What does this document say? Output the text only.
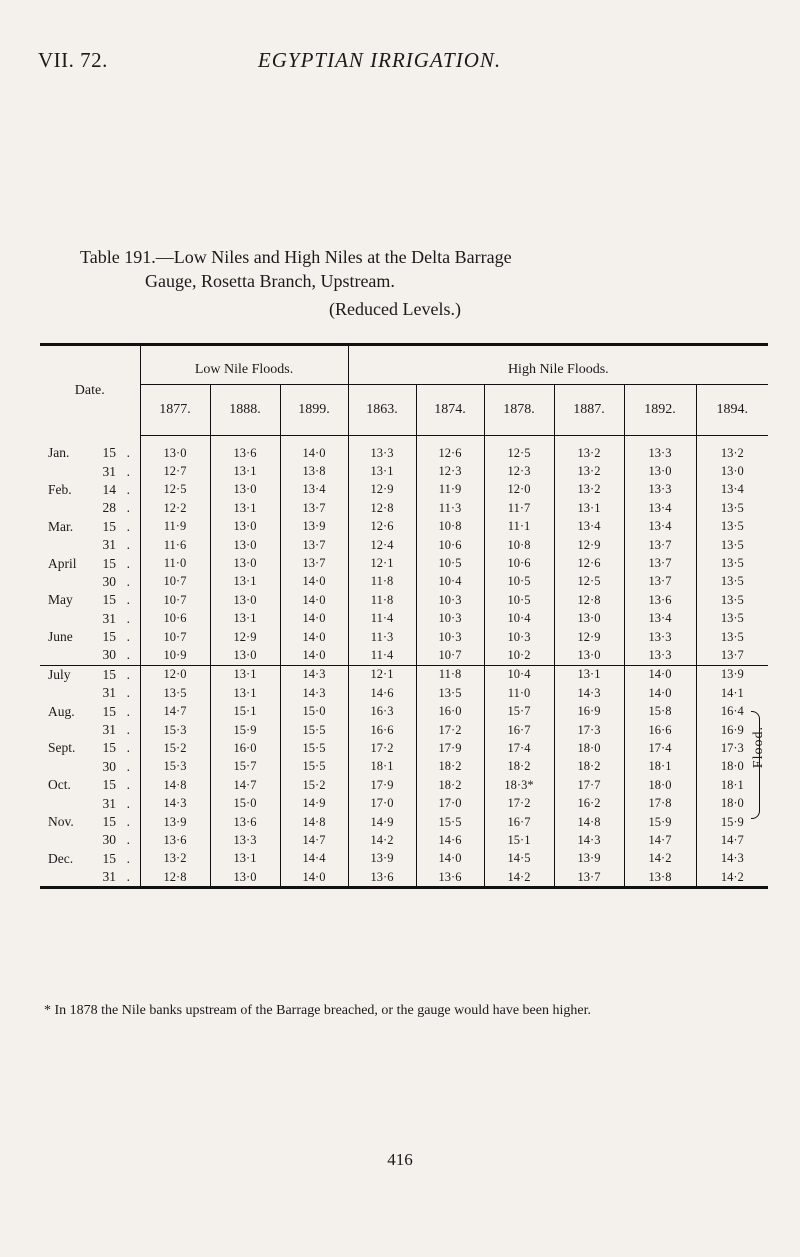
VII. 72.	EGYPTIAN IRRIGATION.
Table 191.—Low Niles and High Niles at the Delta Barrage
Gauge, Rosetta Branch, Upstream.
(Reduced Levels.)
Date.	Low Nile Floods.			High Nile Floods.					
	1877.	1888.	1899.	1863.	1874.	1878.	1887.	1892.	1894.
Jan. 15 .	13·0	13·6	14·0	13·3	12·6	12·5	13·2	13·3	13·2
31 .	12·7	13·1	13·8	13·1	12·3	12·3	13·2	13·0	13·0
Feb. 14 .	12·5	13·0	13·4	12·9	11·9	12·0	13·2	13·3	13·4
28 .	12·2	13·1	13·7	12·8	11·3	11·7	13·1	13·4	13·5
Mar. 15 .	11·9	13·0	13·9	12·6	10·8	11·1	13·4	13·4	13·5
31 .	11·6	13·0	13·7	12·4	10·6	10·8	12·9	13·7	13·5
April 15 .	11·0	13·0	13·7	12·1	10·5	10·6	12·6	13·7	13·5
30 .	10·7	13·1	14·0	11·8	10·4	10·5	12·5	13·7	13·5
May 15 .	10·7	13·0	14·0	11·8	10·3	10·5	12·8	13·6	13·5
31 .	10·6	13·1	14·0	11·4	10·3	10·4	13·0	13·4	13·5
June 15 .	10·7	12·9	14·0	11·3	10·3	10·3	12·9	13·3	13·5
30 .	10·9	13·0	14·0	11·4	10·7	10·2	13·0	13·3	13·7
July 15 .	12·0	13·1	14·3	12·1	11·8	10·4	13·1	14·0	13·9
31 .	13·5	13·1	14·3	14·6	13·5	11·0	14·3	14·0	14·1
Aug. 15 .	14·7	15·1	15·0	16·3	16·0	15·7	16·9	15·8	16·4
Flood.

31 .	15·3	15·9	15·5	16·6	17·2	16·7	17·3	16·6	16·9
Sept. 15 .	15·2	16·0	15·5	17·2	17·9	17·4	18·0	17·4	17·3
30 .	15·3	15·7	15·5	18·1	18·2	18·2	18·2	18·1	18·0
Oct. 15 .	14·8	14·7	15·2	17·9	18·2	18·3*	17·7	18·0	18·1
31 .	14·3	15·0	14·9	17·0	17·0	17·2	16·2	17·8	18·0
Nov. 15 .	13·9	13·6	14·8	14·9	15·5	16·7	14·8	15·9	15·9
30 .	13·6	13·3	14·7	14·2	14·6	15·1	14·3	14·7	14·7
Dec. 15 .	13·2	13·1	14·4	13·9	14·0	14·5	13·9	14·2	14·3
31 .	12·8	13·0	14·0	13·6	13·6	14·2	13·7	13·8	14·2
* In 1878 the Nile banks upstream of the Barrage breached, or the gauge would have been higher.
416
